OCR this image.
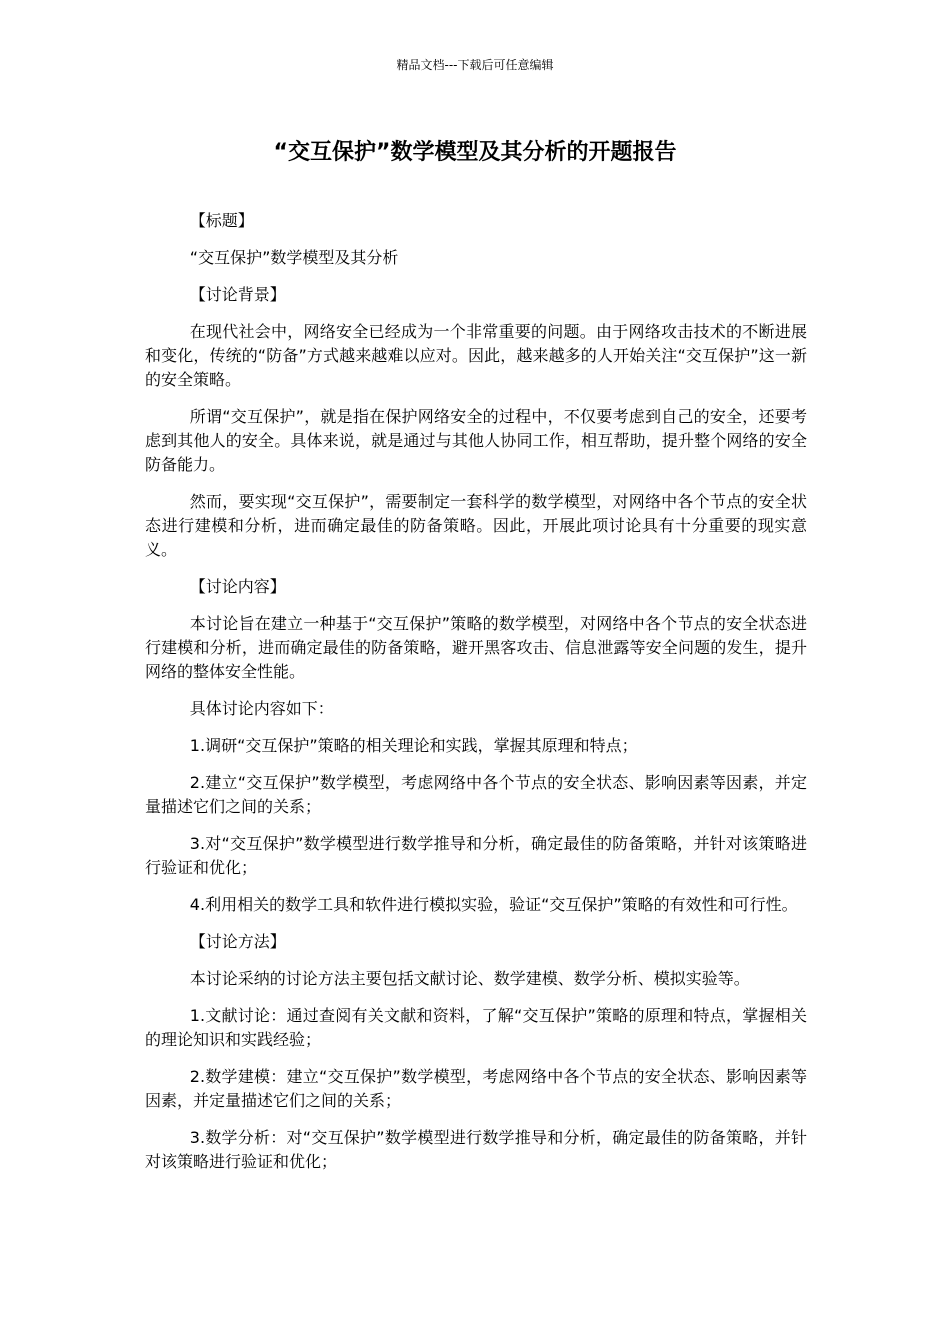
精品文档---下载后可任意编辑
“交互保护”数学模型及其分析的开题报告

【标题】

“交互保护”数学模型及其分析

【讨论背景】

在现代社会中，网络安全已经成为一个非常重要的问题。由于网络攻击技术的不断进展和变化，传统的“防备”方式越来越难以应对。因此，越来越多的人开始关注“交互保护”这一新的安全策略。

所谓“交互保护”，就是指在保护网络安全的过程中，不仅要考虑到自己的安全，还要考虑到其他人的安全。具体来说，就是通过与其他人协同工作，相互帮助，提升整个网络的安全防备能力。

然而，要实现“交互保护”，需要制定一套科学的数学模型，对网络中各个节点的安全状态进行建模和分析，进而确定最佳的防备策略。因此，开展此项讨论具有十分重要的现实意义。

【讨论内容】

本讨论旨在建立一种基于“交互保护”策略的数学模型，对网络中各个节点的安全状态进行建模和分析，进而确定最佳的防备策略，避开黑客攻击、信息泄露等安全问题的发生，提升网络的整体安全性能。

具体讨论内容如下：

1.调研“交互保护”策略的相关理论和实践，掌握其原理和特点；

2.建立“交互保护”数学模型，考虑网络中各个节点的安全状态、影响因素等因素，并定量描述它们之间的关系；

3.对“交互保护”数学模型进行数学推导和分析，确定最佳的防备策略，并针对该策略进行验证和优化；

4.利用相关的数学工具和软件进行模拟实验，验证“交互保护”策略的有效性和可行性。

【讨论方法】

本讨论采纳的讨论方法主要包括文献讨论、数学建模、数学分析、模拟实验等。

1.文献讨论：通过查阅有关文献和资料，了解“交互保护”策略的原理和特点，掌握相关的理论知识和实践经验；

2.数学建模：建立“交互保护”数学模型，考虑网络中各个节点的安全状态、影响因素等因素，并定量描述它们之间的关系；

3.数学分析：对“交互保护”数学模型进行数学推导和分析，确定最佳的防备策略，并针对该策略进行验证和优化；
